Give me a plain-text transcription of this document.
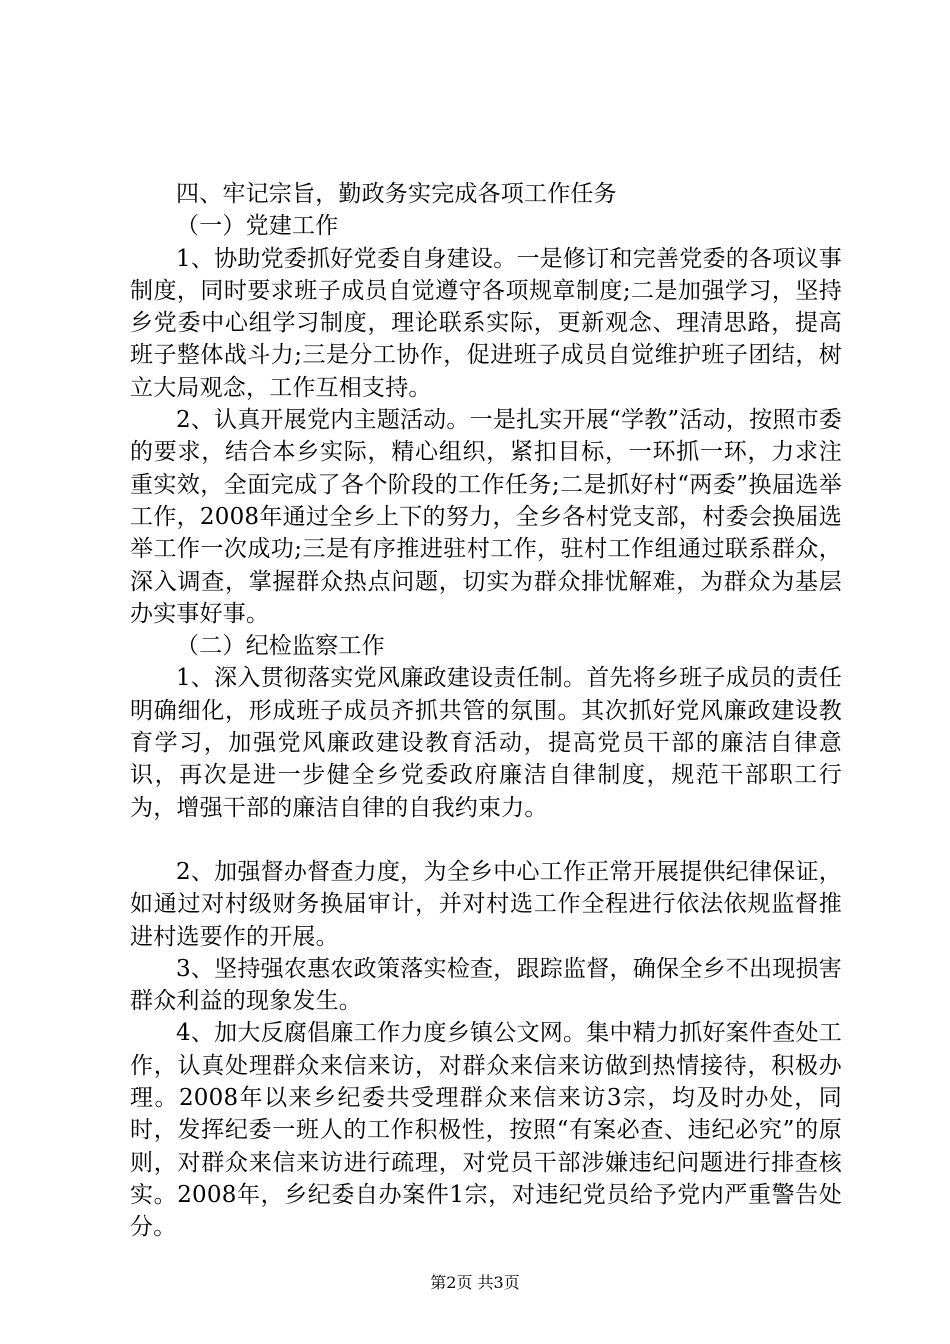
四、牢记宗旨，勤政务实完成各项工作任务

（一）党建工作

1、协助党委抓好党委自身建设。一是修订和完善党委的各项议事制度，同时要求班子成员自觉遵守各项规章制度;二是加强学习，坚持乡党委中心组学习制度，理论联系实际，更新观念、理清思路，提高班子整体战斗力;三是分工协作，促进班子成员自觉维护班子团结，树立大局观念，工作互相支持。

2、认真开展党内主题活动。一是扎实开展“学教”活动，按照市委的要求，结合本乡实际，精心组织，紧扣目标，一环抓一环，力求注重实效，全面完成了各个阶段的工作任务;二是抓好村“两委”换届选举工作，2008年通过全乡上下的努力，全乡各村党支部，村委会换届选举工作一次成功;三是有序推进驻村工作，驻村工作组通过联系群众，深入调查，掌握群众热点问题，切实为群众排忧解难，为群众为基层办实事好事。

（二）纪检监察工作

1、深入贯彻落实党风廉政建设责任制。首先将乡班子成员的责任明确细化，形成班子成员齐抓共管的氛围。其次抓好党风廉政建设教育学习，加强党风廉政建设教育活动，提高党员干部的廉洁自律意识，再次是进一步健全乡党委政府廉洁自律制度，规范干部职工行为，增强干部的廉洁自律的自我约束力。

2、加强督办督查力度，为全乡中心工作正常开展提供纪律保证，如通过对村级财务换届审计，并对村选工作全程进行依法依规监督推进村选要作的开展。

3、坚持强农惠农政策落实检查，跟踪监督，确保全乡不出现损害群众利益的现象发生。

4、加大反腐倡廉工作力度乡镇公文网。集中精力抓好案件查处工作，认真处理群众来信来访，对群众来信来访做到热情接待，积极办理。2008年以来乡纪委共受理群众来信来访3宗，均及时办处，同时，发挥纪委一班人的工作积极性，按照“有案必查、违纪必究”的原则，对群众来信来访进行疏理，对党员干部涉嫌违纪问题进行排查核实。2008年，乡纪委自办案件1宗，对违纪党员给予党内严重警告处分。

第2页 共3页
